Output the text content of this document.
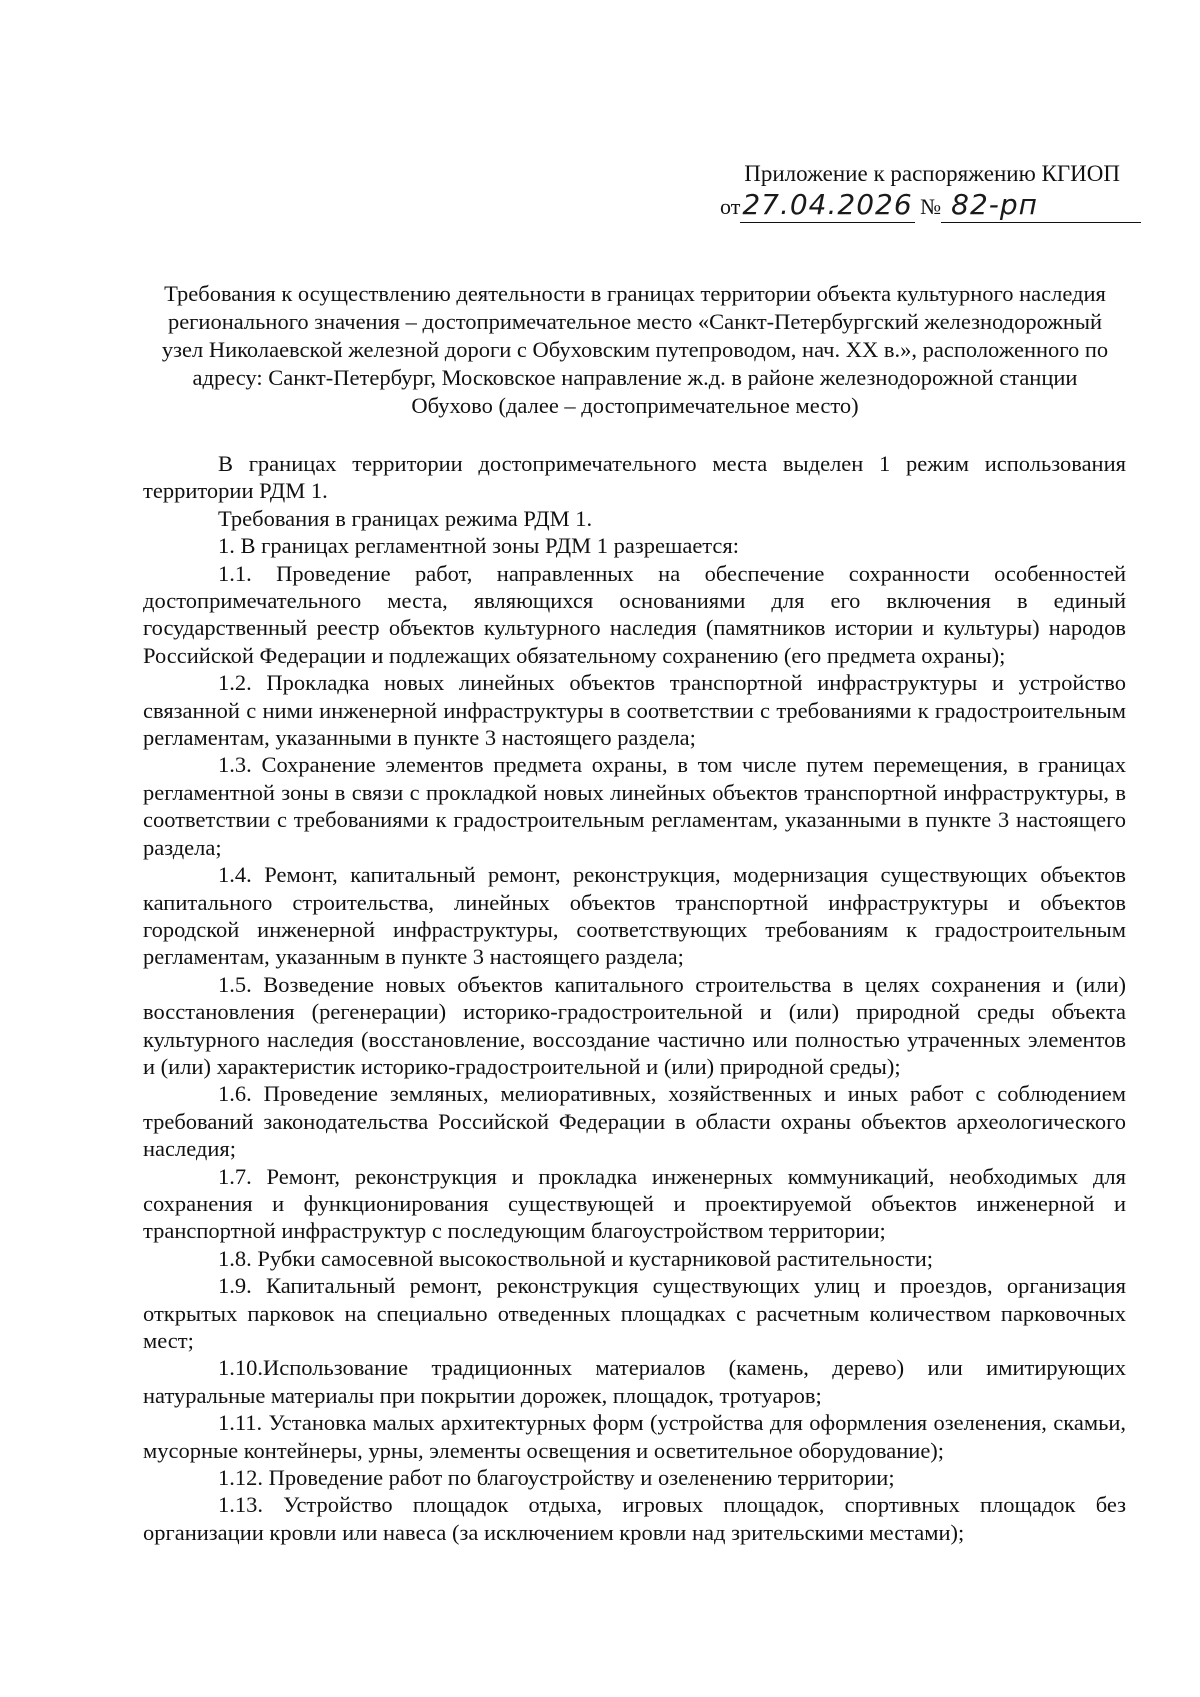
Приложение к распоряжению КГИОП
от27.04.2026 № 82-рп
Требования к осуществлению деятельности в границах территории объекта культурного наследия регионального значения – достопримечательное место «Санкт-Петербургский железнодорожный узел Николаевской железной дороги с Обуховским путепроводом, нач. XX в.», расположенного по адресу: Санкт-Петербург, Московское направление ж.д. в районе железнодорожной станции Обухово (далее – достопримечательное место)

В границах территории достопримечательного места выделен 1 режим использования территории РДМ 1.

Требования в границах режима РДМ 1.

1. В границах регламентной зоны РДМ 1 разрешается:

1.1. Проведение работ, направленных на обеспечение сохранности особенностей достопримечательного места, являющихся основаниями для его включения в единый государственный реестр объектов культурного наследия (памятников истории и культуры) народов Российской Федерации и подлежащих обязательному сохранению (его предмета охраны);

1.2. Прокладка новых линейных объектов транспортной инфраструктуры и устройство связанной с ними инженерной инфраструктуры в соответствии с требованиями к градостроительным регламентам, указанными в пункте 3 настоящего раздела;

1.3. Сохранение элементов предмета охраны, в том числе путем перемещения, в границах регламентной зоны в связи с прокладкой новых линейных объектов транспортной инфраструктуры, в соответствии с требованиями к градостроительным регламентам, указанными в пункте 3 настоящего раздела;

1.4. Ремонт, капитальный ремонт, реконструкция, модернизация существующих объектов капитального строительства, линейных объектов транспортной инфраструктуры и объектов городской инженерной инфраструктуры, соответствующих требованиям к градостроительным регламентам, указанным в пункте 3 настоящего раздела;

1.5. Возведение новых объектов капитального строительства в целях сохранения и (или) восстановления (регенерации) историко-градостроительной и (или) природной среды объекта культурного наследия (восстановление, воссоздание частично или полностью утраченных элементов и (или) характеристик историко-градостроительной и (или) природной среды);

1.6. Проведение земляных, мелиоративных, хозяйственных и иных работ с соблюдением требований законодательства Российской Федерации в области охраны объектов археологического наследия;

1.7. Ремонт, реконструкция и прокладка инженерных коммуникаций, необходимых для сохранения и функционирования существующей и проектируемой объектов инженерной и транспортной инфраструктур с последующим благоустройством территории;

1.8. Рубки самосевной высокоствольной и кустарниковой растительности;

1.9. Капитальный ремонт, реконструкция существующих улиц и проездов, организация открытых парковок на специально отведенных площадках с расчетным количеством парковочных мест;

1.10.Использование традиционных материалов (камень, дерево) или имитирующих натуральные материалы при покрытии дорожек, площадок, тротуаров;

1.11. Установка малых архитектурных форм (устройства для оформления озеленения, скамьи, мусорные контейнеры, урны, элементы освещения и осветительное оборудование);

1.12. Проведение работ по благоустройству и озеленению территории;

1.13. Устройство площадок отдыха, игровых площадок, спортивных площадок без организации кровли или навеса (за исключением кровли над зрительскими местами);
